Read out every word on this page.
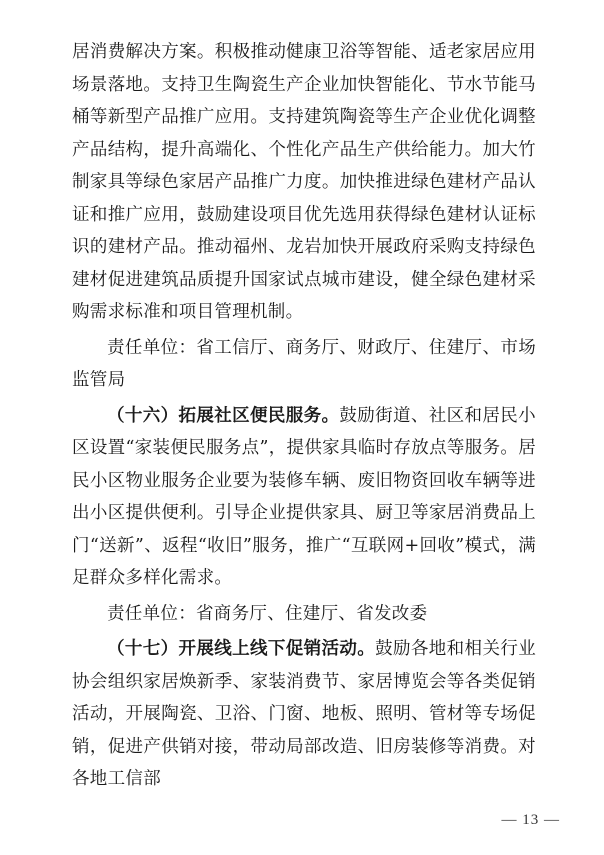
居消费解决方案。积极推动健康卫浴等智能、适老家居应用场景落地。支持卫生陶瓷生产企业加快智能化、节水节能马桶等新型产品推广应用。支持建筑陶瓷等生产企业优化调整产品结构，提升高端化、个性化产品生产供给能力。加大竹制家具等绿色家居产品推广力度。加快推进绿色建材产品认证和推广应用，鼓励建设项目优先选用获得绿色建材认证标识的建材产品。推动福州、龙岩加快开展政府采购支持绿色建材促进建筑品质提升国家试点城市建设，健全绿色建材采购需求标准和项目管理机制。

责任单位：省工信厅、商务厅、财政厅、住建厅、市场监管局

（十六）拓展社区便民服务。鼓励街道、社区和居民小区设置“家装便民服务点”，提供家具临时存放点等服务。居民小区物业服务企业要为装修车辆、废旧物资回收车辆等进出小区提供便利。引导企业提供家具、厨卫等家居消费品上门“送新”、返程“收旧”服务，推广“互联网+回收”模式，满足群众多样化需求。

责任单位：省商务厅、住建厅、省发改委

（十七）开展线上线下促销活动。鼓励各地和相关行业协会组织家居焕新季、家装消费节、家居博览会等各类促销活动，开展陶瓷、卫浴、门窗、地板、照明、管材等专场促销，促进产供销对接，带动局部改造、旧房装修等消费。对各地工信部

— 13 —
